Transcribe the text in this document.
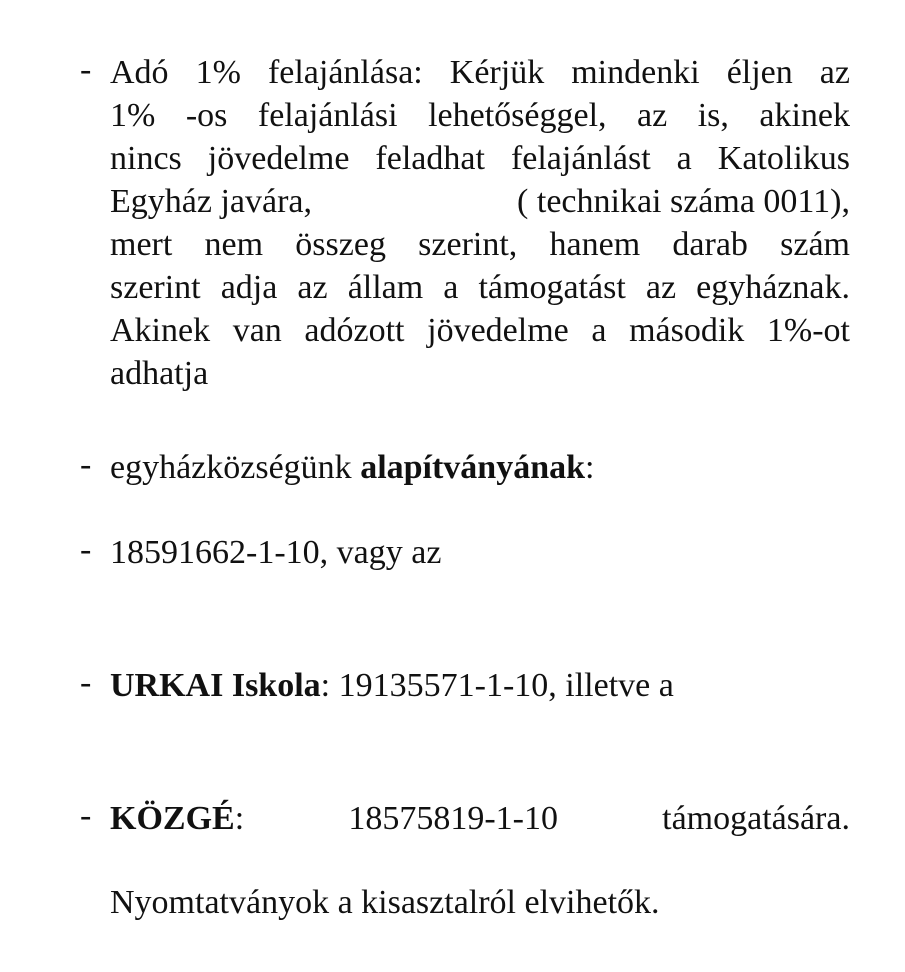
- Adó 1% felajánlása: Kérjük mindenki éljen az
1% -os felajánlási lehetőséggel, az is, akinek
nincs jövedelme feladhat felajánlást a Katolikus
Egyház javára,	( technikai száma 0011),
mert nem összeg szerint, hanem darab szám
szerint adja az állam a támogatást az egyháznak.
Akinek van adózott jövedelme a második 1%-ot
adhatja
- egyházközségünk alapítványának:
- 18591662-1-10, vagy az
- URKAI Iskola: 19135571-1-10, illetve a
- KÖZGÉ:	18575819-1-10	támogatására.
Nyomtatványok a kisasztalról elvihetők.
